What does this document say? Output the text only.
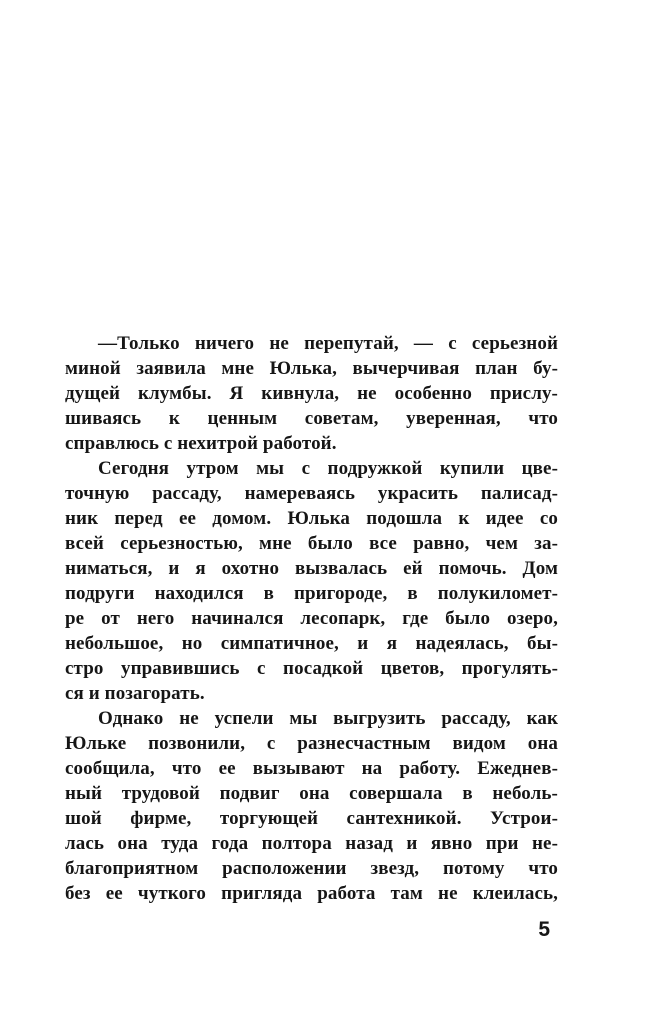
—Только ничего не перепутай, — с серьезной
миной заявила мне Юлька, вычерчивая план бу-
дущей клумбы. Я кивнула, не особенно прислу-
шиваясь к ценным советам, уверенная, что
справлюсь с нехитрой работой.
Сегодня утром мы с подружкой купили цве-
точную рассаду, намереваясь украсить палисад-
ник перед ее домом. Юлька подошла к идее со
всей серьезностью, мне было все равно, чем за-
ниматься, и я охотно вызвалась ей помочь. Дом
подруги находился в пригороде, в полукиломет-
ре от него начинался лесопарк, где было озеро,
небольшое, но симпатичное, и я надеялась, бы-
стро управившись с посадкой цветов, прогулять-
ся и позагорать.
Однако не успели мы выгрузить рассаду, как
Юльке позвонили, с разнесчастным видом она
сообщила, что ее вызывают на работу. Ежеднев-
ный трудовой подвиг она совершала в неболь-
шой фирме, торгующей сантехникой. Устрои-
лась она туда года полтора назад и явно при не-
благоприятном расположении звезд, потому что
без ее чуткого пригляда работа там не клеилась,
5
